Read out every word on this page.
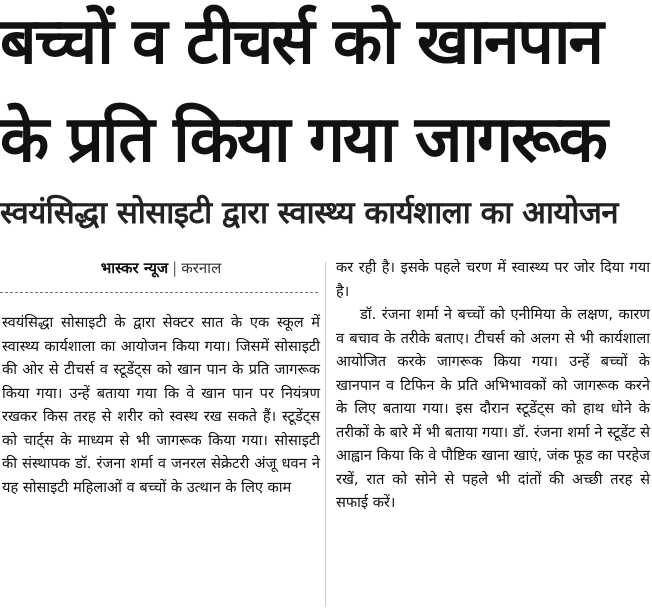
बच्चों व टीचर्स को खानपान
के प्रति किया गया जागरूक
स्वयंसिद्धा सोसाइटी द्वारा स्वास्थ्य कार्यशाला का आयोजन
भास्कर न्यूज | करनाल

स्वयंसिद्धा सोसाइटी के द्वारा सेक्टर सात के एक स्कूल में स्वास्थ्य कार्यशाला का आयोजन किया गया। जिसमें सोसाइटी की ओर से टीचर्स व स्टूडेंट्स को खान पान के प्रति जागरूक किया गया। उन्हें बताया गया कि वे खान पान पर नियंत्रण रखकर किस तरह से शरीर को स्वस्थ रख सकते हैं। स्टूडेंट्स को चार्ट्स के माध्यम से भी जागरूक किया गया। सोसाइटी की संस्थापक डॉ. रंजना शर्मा व जनरल सेक्रेटरी अंजू धवन ने यह सोसाइटी महिलाओं व बच्चों के उत्थान के लिए काम

कर रही है। इसके पहले चरण में स्वास्थ्य पर जोर दिया गया है।

डॉ. रंजना शर्मा ने बच्चों को एनीमिया के लक्षण, कारण व बचाव के तरीके बताए। टीचर्स को अलग से भी कार्यशाला आयोजित करके जागरूक किया गया। उन्हें बच्चों के खानपान व टिफिन के प्रति अभिभावकों को जागरूक करने के लिए बताया गया। इस दौरान स्टूडेंट्स को हाथ धोने के तरीकों के बारे में भी बताया गया। डॉ. रंजना शर्मा ने स्टूडेंट से आह्वान किया कि वे पौष्टिक खाना खाएं, जंक फूड का परहेज रखें, रात को सोने से पहले भी दांतों की अच्छी तरह से सफाई करें।
